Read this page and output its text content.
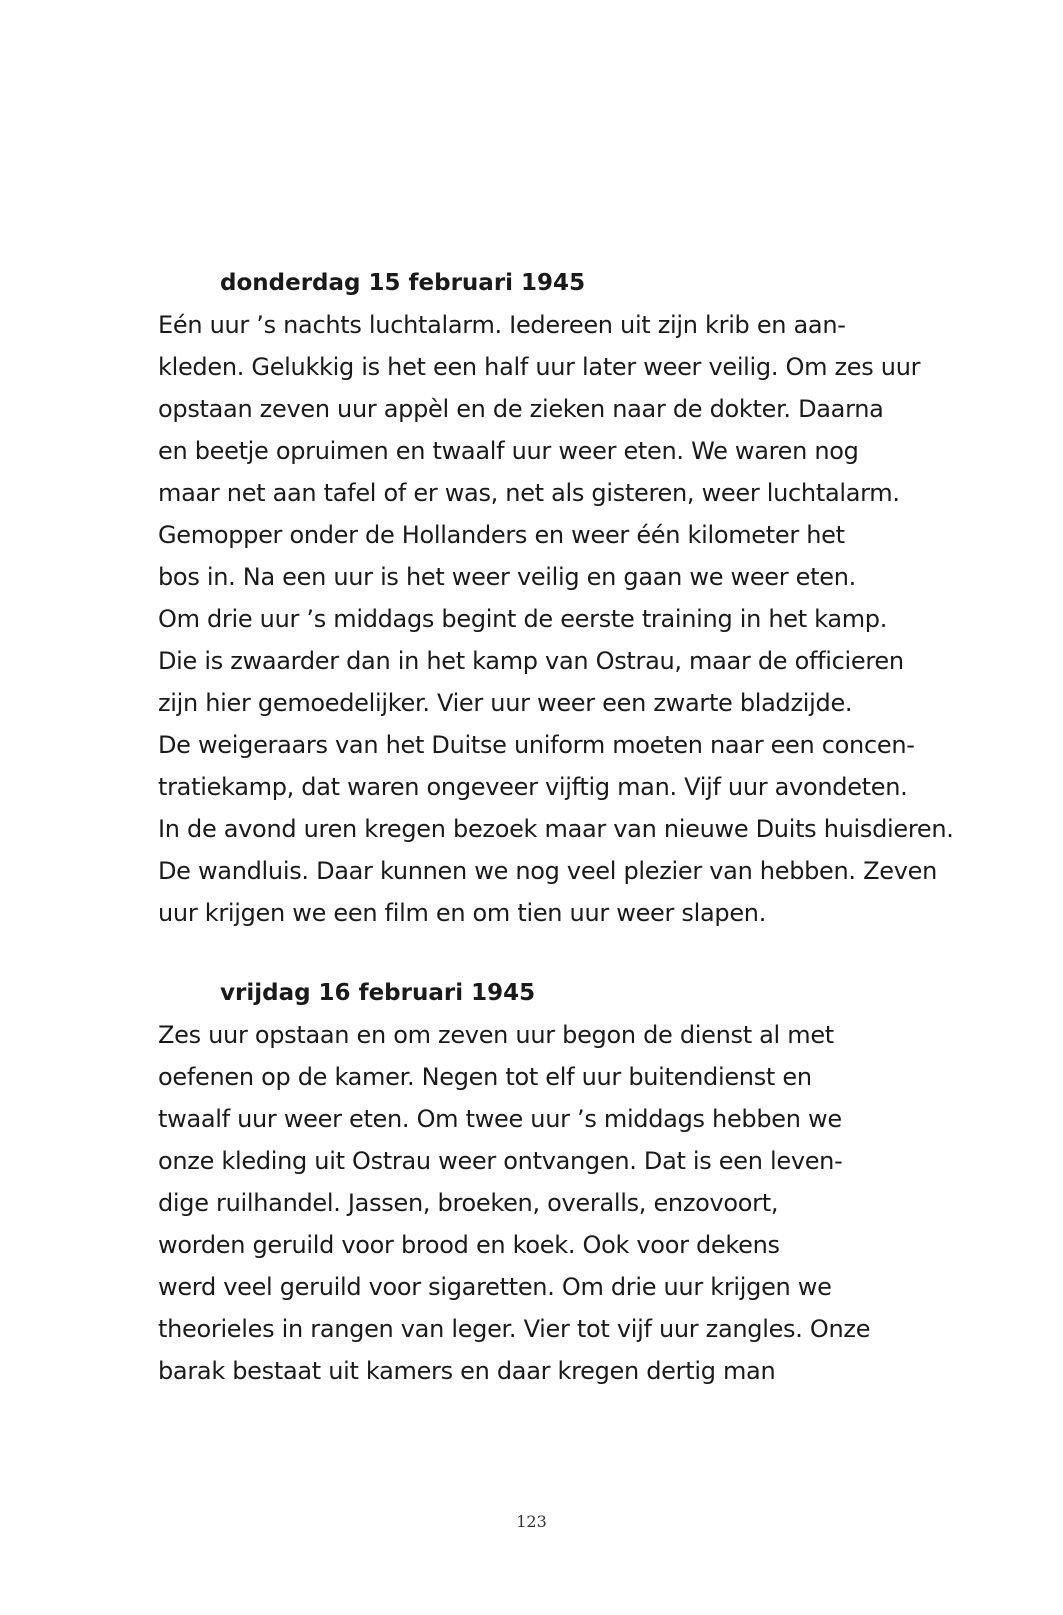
donderdag 15 februari 1945
Eén uur ’s nachts luchtalarm. Iedereen uit zijn krib en aan-
kleden. Gelukkig is het een half uur later weer veilig. Om zes uur
opstaan zeven uur appèl en de zieken naar de dokter. Daarna
en beetje opruimen en twaalf uur weer eten. We waren nog
maar net aan tafel of er was, net als gisteren, weer luchtalarm.
Gemopper onder de Hollanders en weer één kilometer het
bos in. Na een uur is het weer veilig en gaan we weer eten.
Om drie uur ’s middags begint de eerste training in het kamp.
Die is zwaarder dan in het kamp van Ostrau, maar de officieren
zijn hier gemoedelijker. Vier uur weer een zwarte bladzijde.
De weigeraars van het Duitse uniform moeten naar een concen-
tratiekamp, dat waren ongeveer vijftig man. Vijf uur avondeten.
In de avond uren kregen bezoek maar van nieuwe Duits huisdieren.
De wandluis. Daar kunnen we nog veel plezier van hebben. Zeven
uur krijgen we een film en om tien uur weer slapen.
vrijdag 16 februari 1945
Zes uur opstaan en om zeven uur begon de dienst al met
oefenen op de kamer. Negen tot elf uur buitendienst en
twaalf uur weer eten. Om twee uur ’s middags hebben we
onze kleding uit Ostrau weer ontvangen. Dat is een leven-
dige ruilhandel. Jassen, broeken, overalls, enzovoort,
worden geruild voor brood en koek. Ook voor dekens
werd veel geruild voor sigaretten. Om drie uur krijgen we
theorieles in rangen van leger. Vier tot vijf uur zangles. Onze
barak bestaat uit kamers en daar kregen dertig man
123
